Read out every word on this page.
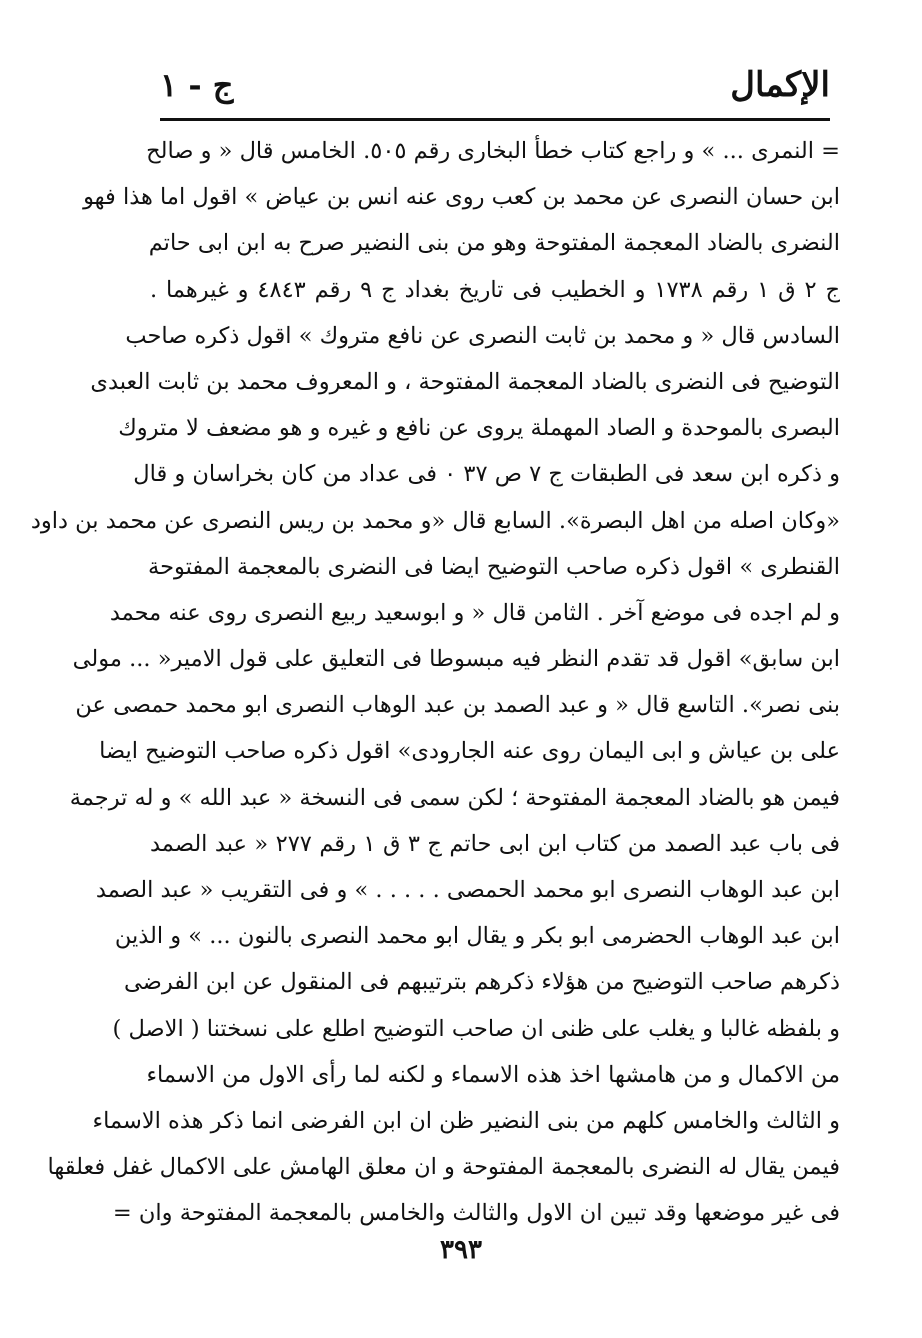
الإكمال
ج - ١
= النمرى ... » و راجع كتاب خطأ البخارى رقم ٥٠٥. الخامس قال « و صالح
ابن حسان النصرى عن محمد بن كعب روى عنه انس بن عياض » اقول اما هذا فهو
النضرى بالضاد المعجمة المفتوحة وهو من بنى النضير صرح به ابن ابى حاتم
ج ٢ ق ١ رقم ١٧٣٨ و الخطيب فى تاريخ بغداد ج ٩ رقم ٤٨٤٣ و غيرهما .
السادس قال « و محمد بن ثابت النصرى عن نافع متروك » اقول ذكره صاحب
التوضيح فى النضرى بالضاد المعجمة المفتوحة ، و المعروف محمد بن ثابت العبدى
البصرى بالموحدة و الصاد المهملة يروى عن نافع و غيره و هو مضعف لا متروك
و ذكره ابن سعد فى الطبقات ج ٧ ص ٣٧ ٠ فى عداد من كان بخراسان و قال
«وكان اصله من اهل البصرة». السابع قال «و محمد بن ريس النصرى عن محمد بن داود
القنطرى » اقول ذكره صاحب التوضيح ايضا فى النضرى بالمعجمة المفتوحة
و لم اجده فى موضع آخر . الثامن قال « و ابوسعيد ربيع النصرى روى عنه محمد
ابن سابق» اقول قد تقدم النظر فيه مبسوطا فى التعليق على قول الامير« ... مولى
بنى نصر». التاسع قال « و عبد الصمد بن عبد الوهاب النصرى ابو محمد حمصى عن
على بن عياش و ابى اليمان روى عنه الجارودى» اقول ذكره صاحب التوضيح ايضا
فيمن هو بالضاد المعجمة المفتوحة ؛ لكن سمى فى النسخة « عبد الله » و له ترجمة
فى باب عبد الصمد من كتاب ابن ابى حاتم ج ٣ ق ١ رقم ٢٧٧ « عبد الصمد
ابن عبد الوهاب النصرى ابو محمد الحمصى . . . . . » و فى التقريب « عبد الصمد
ابن عبد الوهاب الحضرمى ابو بكر و يقال ابو محمد النصرى بالنون ... » و الذين
ذكرهم صاحب التوضيح من هؤلاء ذكرهم بترتيبهم فى المنقول عن ابن الفرضى
و بلفظه غالبا و يغلب على ظنى ان صاحب التوضيح اطلع على نسختنا ( الاصل )
من الاكمال و من هامشها اخذ هذه الاسماء و لكنه لما رأى الاول من الاسماء
و الثالث والخامس كلهم من بنى النضير ظن ان ابن الفرضى انما ذكر هذه الاسماء
فيمن يقال له النضرى بالمعجمة المفتوحة و ان معلق الهامش على الاكمال غفل فعلقها
فى غير موضعها وقد تبين ان الاول والثالث والخامس بالمعجمة المفتوحة وان =
٣٩٣
